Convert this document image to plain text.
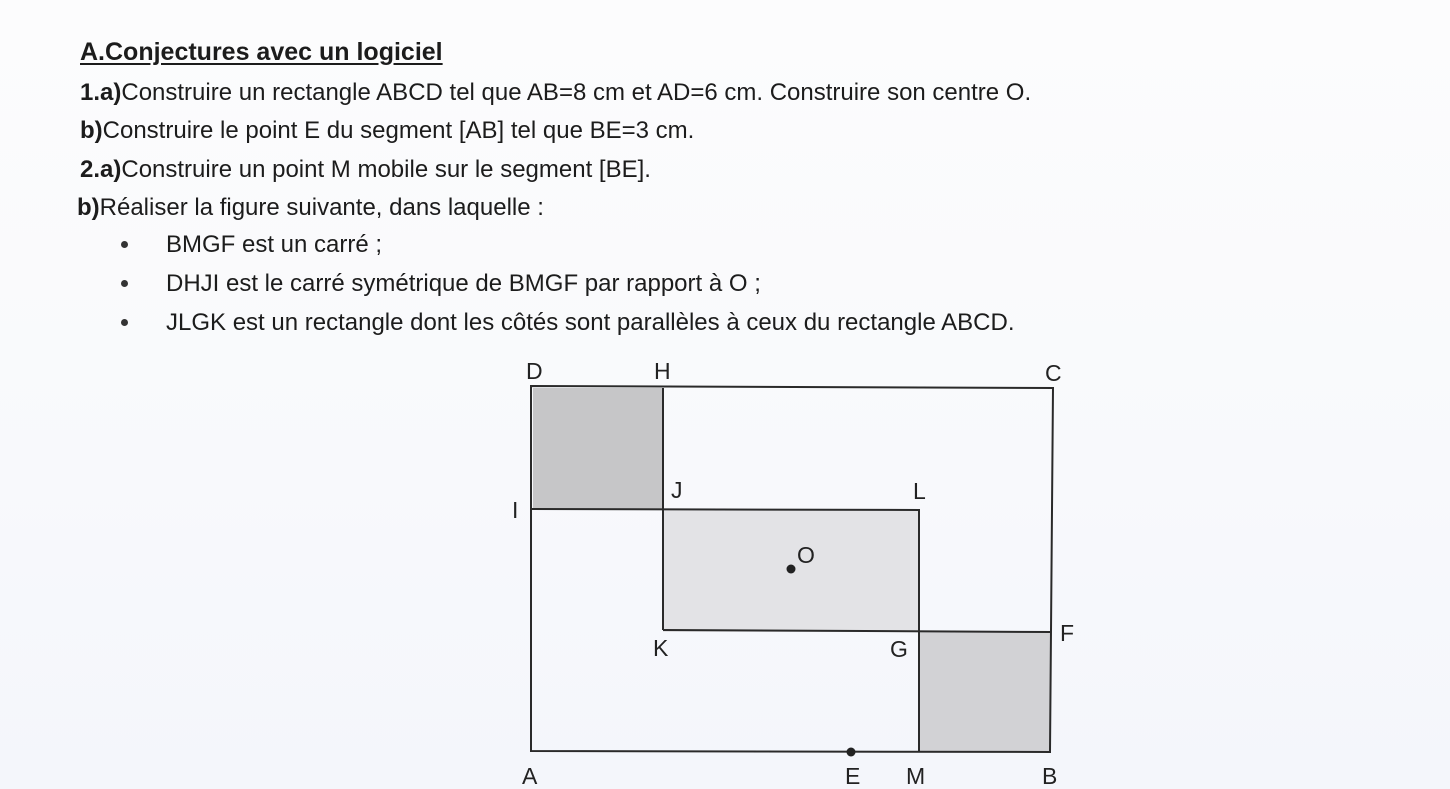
A.Conjectures avec un logiciel
1.a)Construire un rectangle ABCD tel que AB=8 cm et AD=6 cm. Construire son centre O.
b)Construire le point E du segment [AB] tel que BE=3 cm.
2.a)Construire un point M mobile sur le segment [BE].
b)Réaliser la figure suivante, dans laquelle :
BMGF est un carré ;
DHJI est le carré symétrique de BMGF par rapport à O ;
JLGK est un rectangle dont les côtés sont parallèles à ceux du rectangle ABCD.
D	H	C
I
J	L
O
F
K	G
A	E M	B
